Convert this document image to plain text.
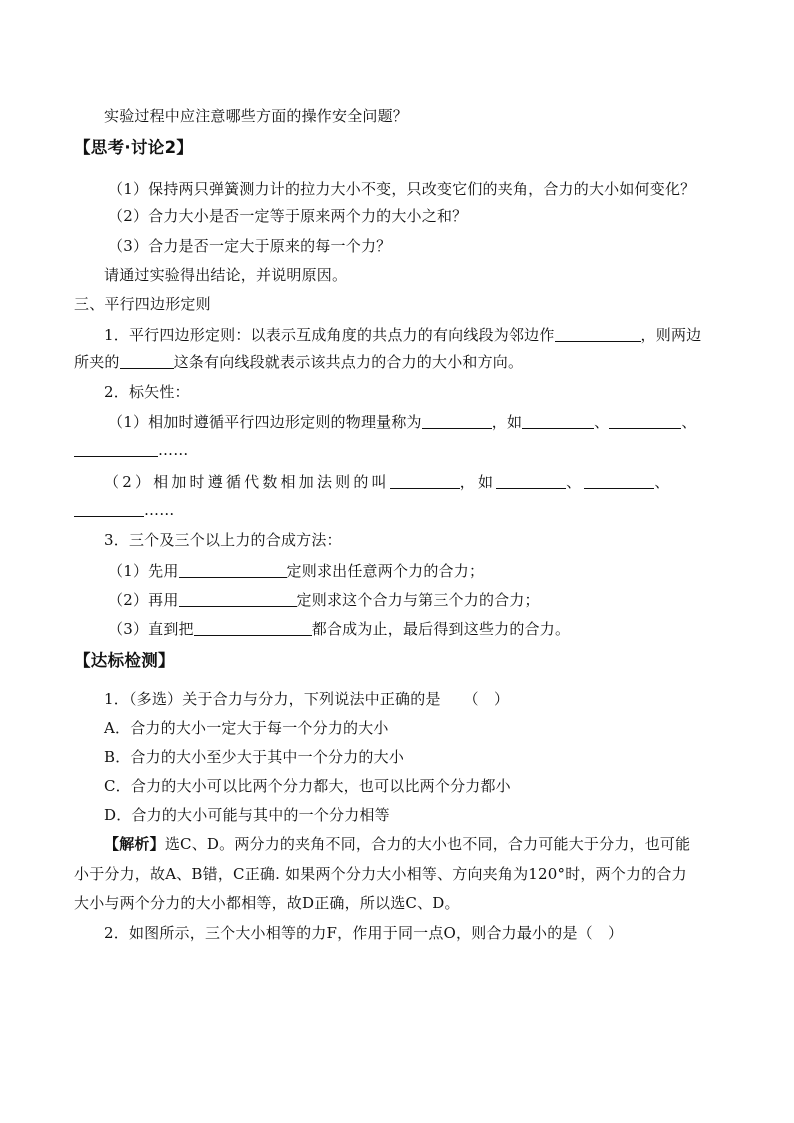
实验过程中应注意哪些方面的操作安全问题？
【思考·讨论2】
（1）保持两只弹簧测力计的拉力大小不变，只改变它们的夹角，合力的大小如何变化？
（2）合力大小是否一定等于原来两个力的大小之和？
（3）合力是否一定大于原来的每一个力？
请通过实验得出结论，并说明原因。
三、平行四边形定则
1．平行四边形定则：以表示互成角度的共点力的有向线段为邻边作	，则两边
所夹的	这条有向线段就表示该共点力的合力的大小和方向。
2．标矢性：
（1）相加时遵循平行四边形定则的物理量称为	，如	、	、
……
（2）相加时遵循代数相加法则的叫	，如	、	、
……
3．三个及三个以上力的合成方法：
（1）先用	定则求出任意两个力的合力；
（2）再用	定则求这个合力与第三个力的合力；
（3）直到把	都合成为止，最后得到这些力的合力。
【达标检测】
1．（多选）关于合力与分力，下列说法中正确的是　　（　）
A．合力的大小一定大于每一个分力的大小
B．合力的大小至少大于其中一个分力的大小
C．合力的大小可以比两个分力都大，也可以比两个分力都小
D．合力的大小可能与其中的一个分力相等
【解析】选C、D。两分力的夹角不同，合力的大小也不同，合力可能大于分力，也可能
小于分力，故A、B错，C正确. 如果两个分力大小相等、方向夹角为120°时，两个力的合力
大小与两个分力的大小都相等，故D正确，所以选C、D。
2．如图所示，三个大小相等的力F，作用于同一点O，则合力最小的是（　）
